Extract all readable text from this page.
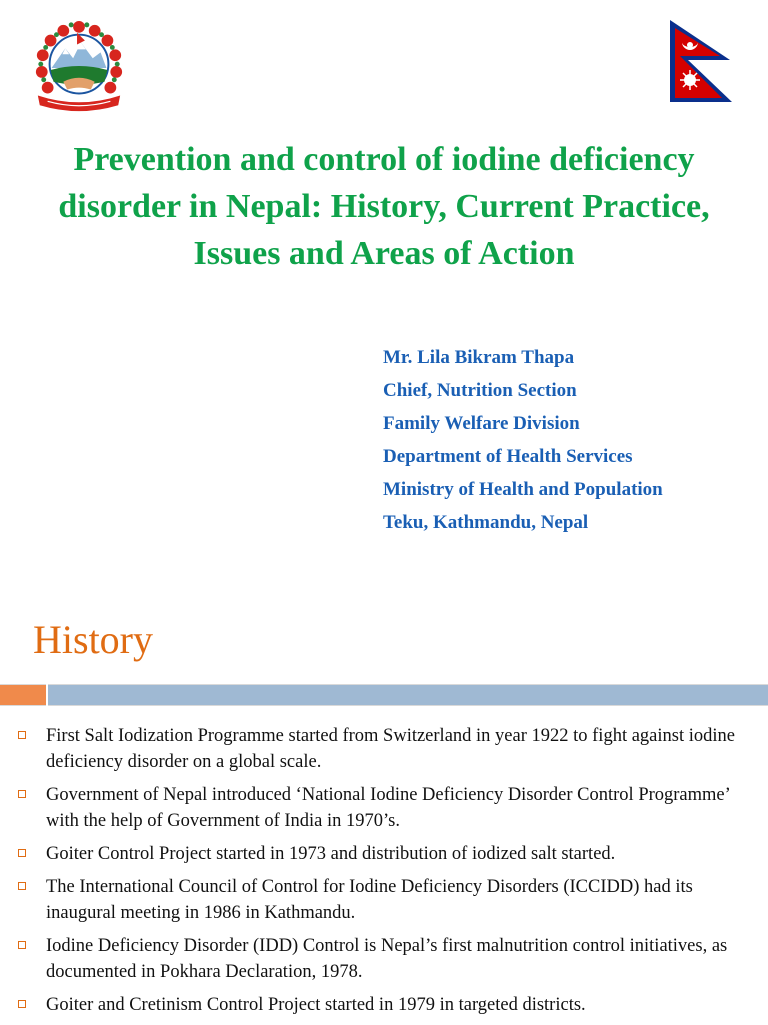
Prevention and control of iodine deficiency disorder in Nepal: History, Current Practice, Issues and Areas of Action
Mr. Lila Bikram Thapa
Chief, Nutrition Section
Family Welfare Division
Department of Health Services
Ministry of Health and Population
Teku, Kathmandu, Nepal
History
First Salt Iodization Programme started from Switzerland in year 1922 to fight against iodine deficiency disorder on a global scale.
Government of Nepal introduced ‘National Iodine Deficiency Disorder Control Programme’ with the help of Government of India in 1970’s.
Goiter Control Project started in 1973 and distribution of iodized salt started.
The International Council of Control for Iodine Deficiency Disorders (ICCIDD) had its inaugural meeting in 1986 in Kathmandu.
Iodine Deficiency Disorder (IDD) Control is Nepal’s first malnutrition control initiatives, as documented in Pokhara Declaration, 1978.
Goiter and Cretinism Control Project started in 1979 in targeted districts.
